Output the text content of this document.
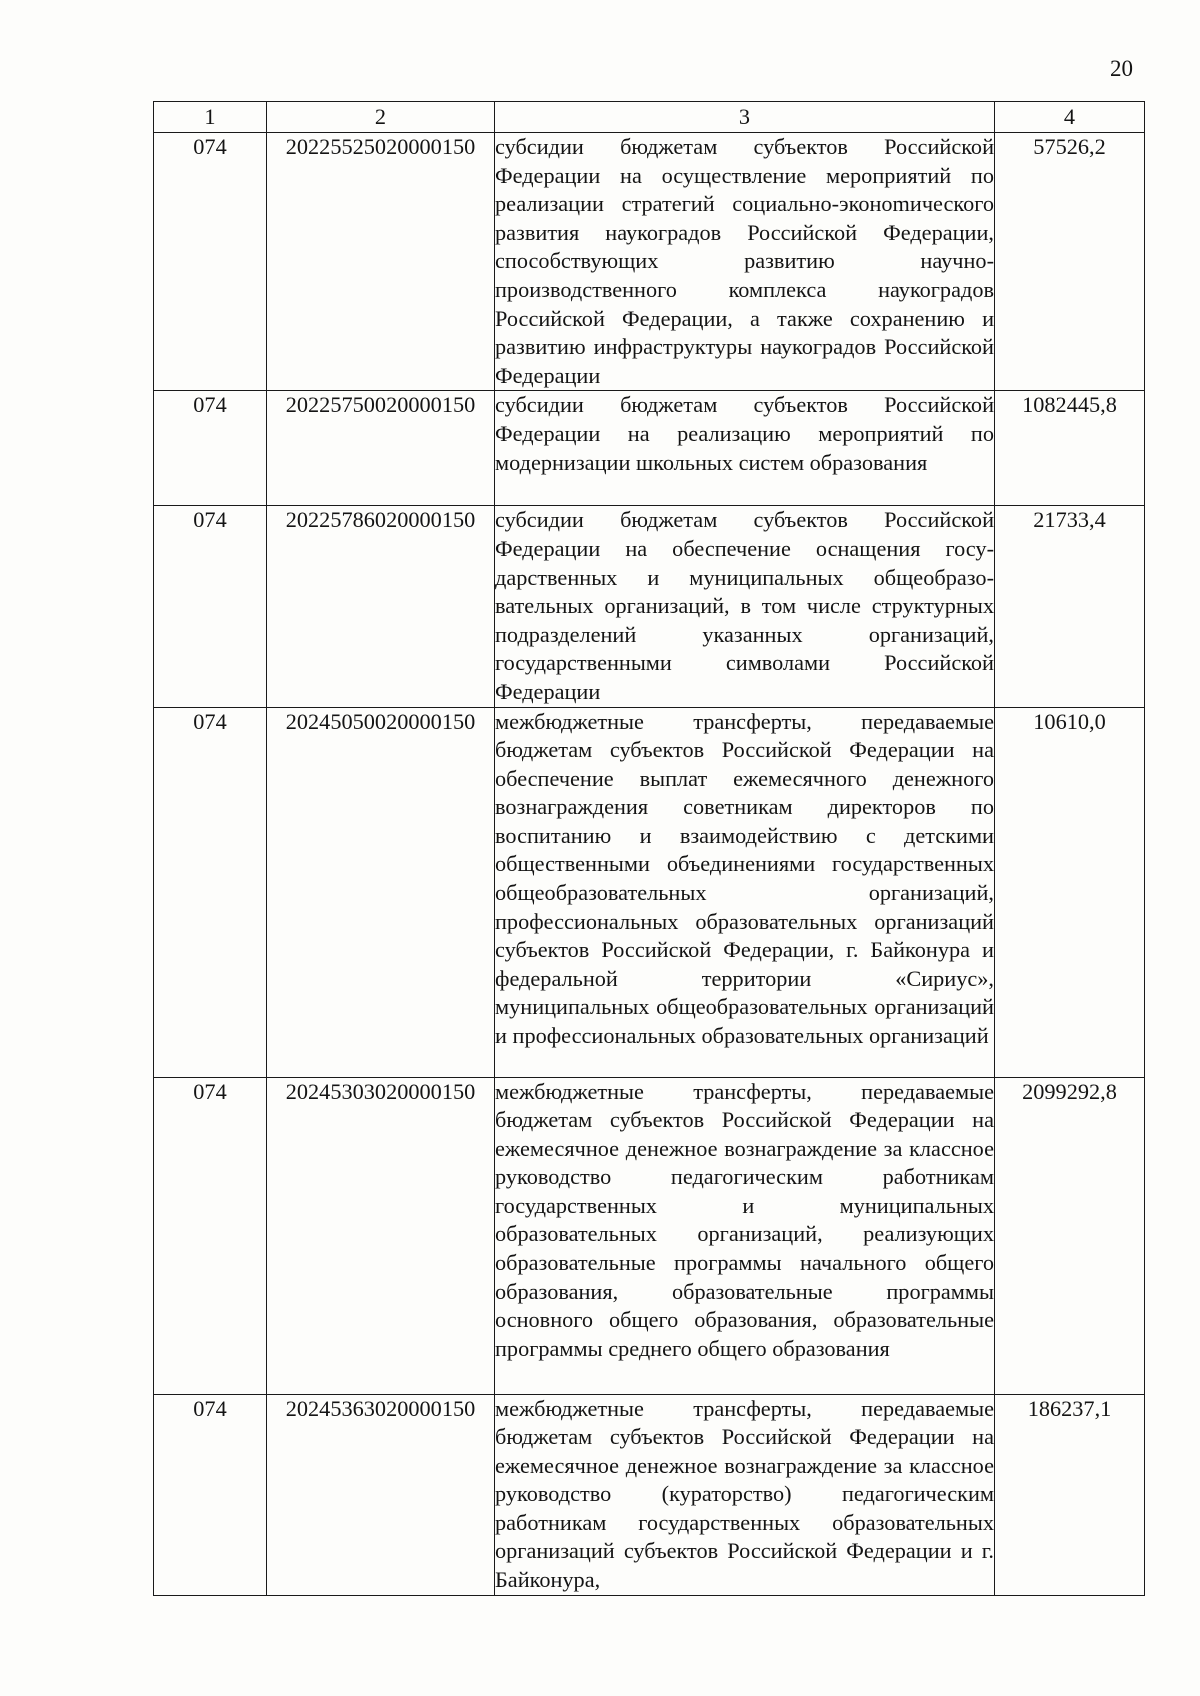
20
1	2	3	4
074	20225525020000150	субсидии бюджетам субъектов Российской Федерации на осуществление мероприятий по реализации стратегий социально-эконоmического развития наукоградов Российской Федерации, способствующих развитию научно-производственного комплекса наукоградов Российской Федерации, а также сохранению и развитию инфраструктуры наукоградов Российской Федерации	57526,2
074	20225750020000150	субсидии бюджетам субъектов Российской Федерации на реализацию мероприятий по модернизации школьных систем образования	1082445,8
074	20225786020000150	субсидии бюджетам субъектов Российской Федерации на обеспечение оснащения государственных и муниципальных общеобразовательных организаций, в том числе структурных подразделений указанных организаций, государственными символами Российской Федерации	21733,4
074	20245050020000150	межбюджетные трансферты, передаваемые бюджетам субъектов Российской Федерации на обеспечение выплат ежемесячного денежного вознаграждения советникам директоров по воспитанию и взаимодействию с детскими общественными объединениями государственных общеобразовательных организаций, профессиональных образовательных организаций субъектов Российской Федерации, г. Байконура и федеральной территории «Сириус», муниципальных общеобразовательных организаций и профессиональных образовательных организаций	10610,0
074	20245303020000150	межбюджетные трансферты, передаваемые бюджетам субъектов Российской Федерации на ежемесячное денежное вознаграждение за классное руководство педагогическим работникам государственных и муниципальных образовательных организаций, реализующих образовательные программы начального общего образования, образовательные программы основного общего образования, образовательные программы среднего общего образования	2099292,8
074	20245363020000150	межбюджетные трансферты, передаваемые бюджетам субъектов Российской Федерации на ежемесячное денежное вознаграждение за классное руководство (кураторство) педагогическим работникам государственных образовательных организаций субъектов Российской Федерации и г. Байконура,	186237,1
